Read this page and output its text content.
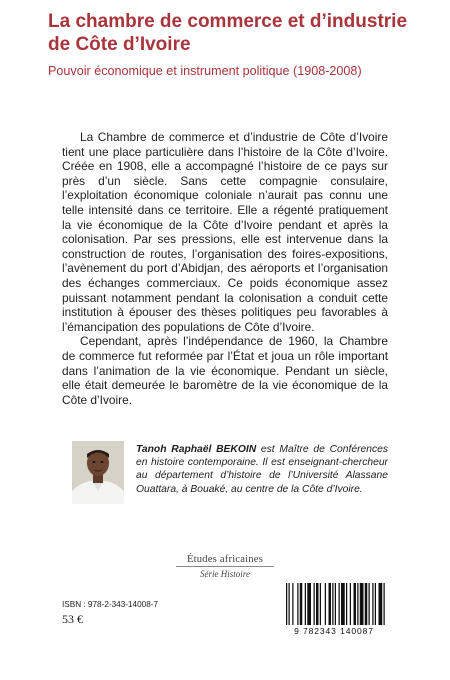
La chambre de commerce et d’industrie de Côte d’Ivoire
Pouvoir économique et instrument politique (1908-2008)

La Chambre de commerce et d’industrie de Côte d’Ivoire tient une place particulière dans l’histoire de la Côte d’Ivoire. Créée en 1908, elle a accompagné l’histoire de ce pays sur près d’un siècle. Sans cette compagnie consulaire, l’exploitation économique coloniale n’aurait pas connu une telle intensité dans ce territoire. Elle a régenté pratiquement la vie économique de la Côte d’Ivoire pendant et après la colonisation. Par ses pressions, elle est intervenue dans la construction de routes, l’organisation des foires-expositions, l’avènement du port d’Abidjan, des aéroports et l’organisation des échanges commerciaux. Ce poids économique assez puissant notamment pendant la colonisation a conduit cette institution à épouser des thèses politiques peu favorables à l’émancipation des populations de Côte d’Ivoire.

Cependant, après l’indépendance de 1960, la Chambre de commerce fut reformée par l’État et joua un rôle important dans l’animation de la vie économique. Pendant un siècle, elle était demeurée le baromètre de la vie économique de la Côte d’Ivoire.

Tanoh Raphaël BEKOIN est Maître de Conférences en histoire contemporaine. Il est enseignant-chercheur au département d’histoire de l’Université Alassane Ouattara, à Bouaké, au centre de la Côte d’Ivoire.
Études africaines
Série Histoire
ISBN : 978-2-343-14008-7
53 €
9 782343 140087
